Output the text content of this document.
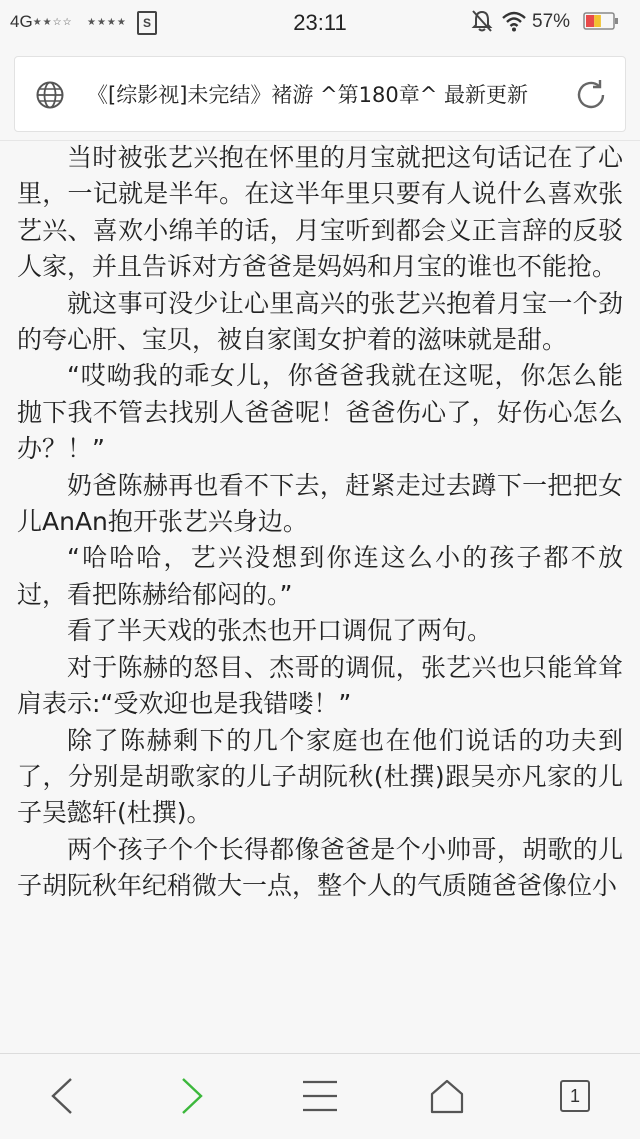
4G★★☆☆ ★★★★	S	23:11	57%
《[综影视]未完结》褚游 ^第180章^ 最新更新

当时被张艺兴抱在怀里的月宝就把这句话记在了心里，一记就是半年。在这半年里只要有人说什么喜欢张艺兴、喜欢小绵羊的话，月宝听到都会义正言辞的反驳人家，并且告诉对方爸爸是妈妈和月宝的谁也不能抢。

就这事可没少让心里高兴的张艺兴抱着月宝一个劲的夸心肝、宝贝，被自家闺女护着的滋味就是甜。

“哎呦我的乖女儿，你爸爸我就在这呢，你怎么能抛下我不管去找别人爸爸呢！爸爸伤心了，好伤心怎么办？！”

奶爸陈赫再也看不下去，赶紧走过去蹲下一把把女儿AnAn抱开张艺兴身边。

“哈哈哈，艺兴没想到你连这么小的孩子都不放过，看把陈赫给郁闷的。”

看了半天戏的张杰也开口调侃了两句。

对于陈赫的怒目、杰哥的调侃，张艺兴也只能耸耸肩表示:“受欢迎也是我错喽！”

除了陈赫剩下的几个家庭也在他们说话的功夫到了，分别是胡歌家的儿子胡阮秋(杜撰)跟吴亦凡家的儿子吴懿轩(杜撰)。

两个孩子个个长得都像爸爸是个小帅哥，胡歌的儿子胡阮秋年纪稍微大一点，整个人的气质随爸爸像位小

1
